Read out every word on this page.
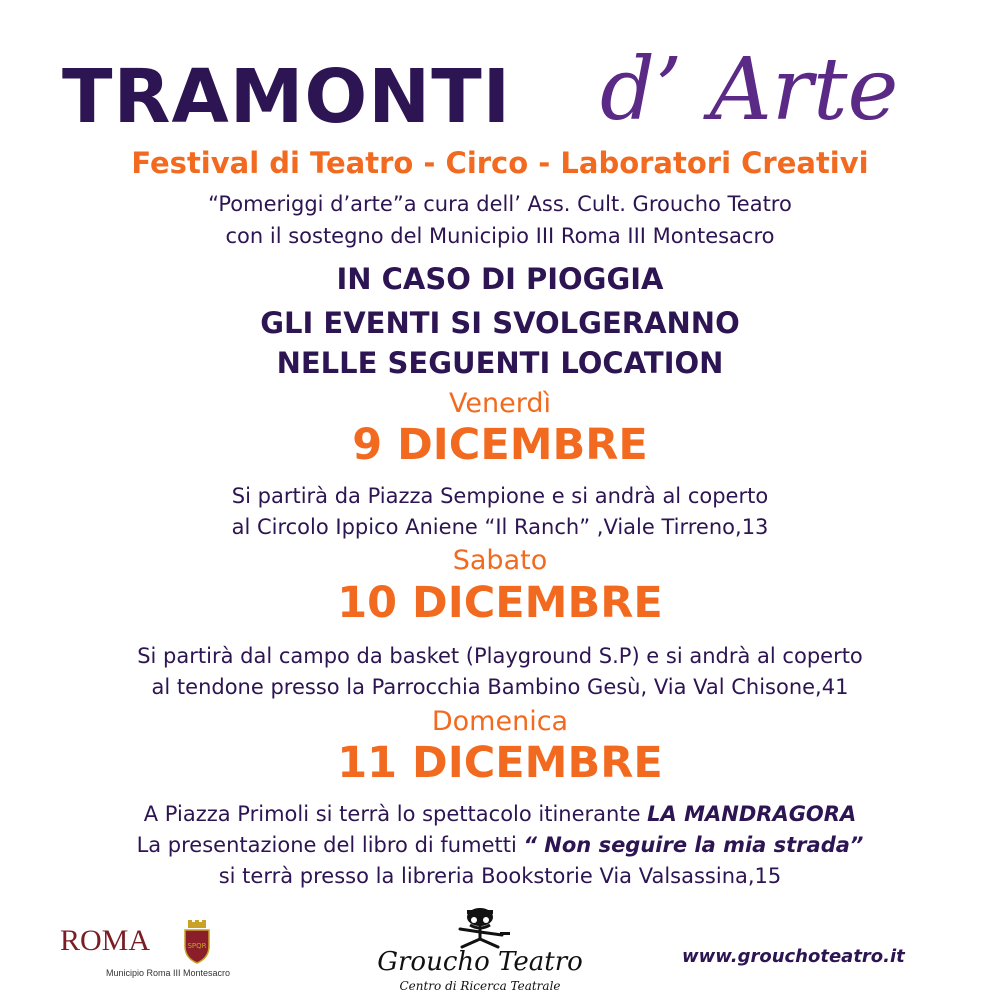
TRAMONTI d’ Arte
Festival di Teatro - Circo - Laboratori Creativi
“Pomeriggi d’arte”a cura dell’ Ass. Cult. Groucho Teatro
con il sostegno del Municipio III Roma III Montesacro
IN CASO DI PIOGGIA
GLI EVENTI SI SVOLGERANNO
NELLE SEGUENTI LOCATION
Venerdì
9 DICEMBRE
Si partirà da Piazza Sempione e si andrà al coperto
al Circolo Ippico Aniene “Il Ranch” ,Viale Tirreno,13
Sabato
10 DICEMBRE
Si partirà dal campo da basket (Playground S.P) e si andrà al coperto
al tendone presso la Parrocchia Bambino Gesù, Via Val Chisone,41
Domenica
11 DICEMBRE
A Piazza Primoli si terrà lo spettacolo itinerante LA MANDRAGORA
La presentazione del libro di fumetti “ Non seguire la mia strada”
si terrà presso la libreria Bookstorie Via Valsassina,15
ROMA	SPQR
Municipio Roma III Montesacro	Groucho Teatro
Centro di Ricerca Teatrale
www.grouchoteatro.it
